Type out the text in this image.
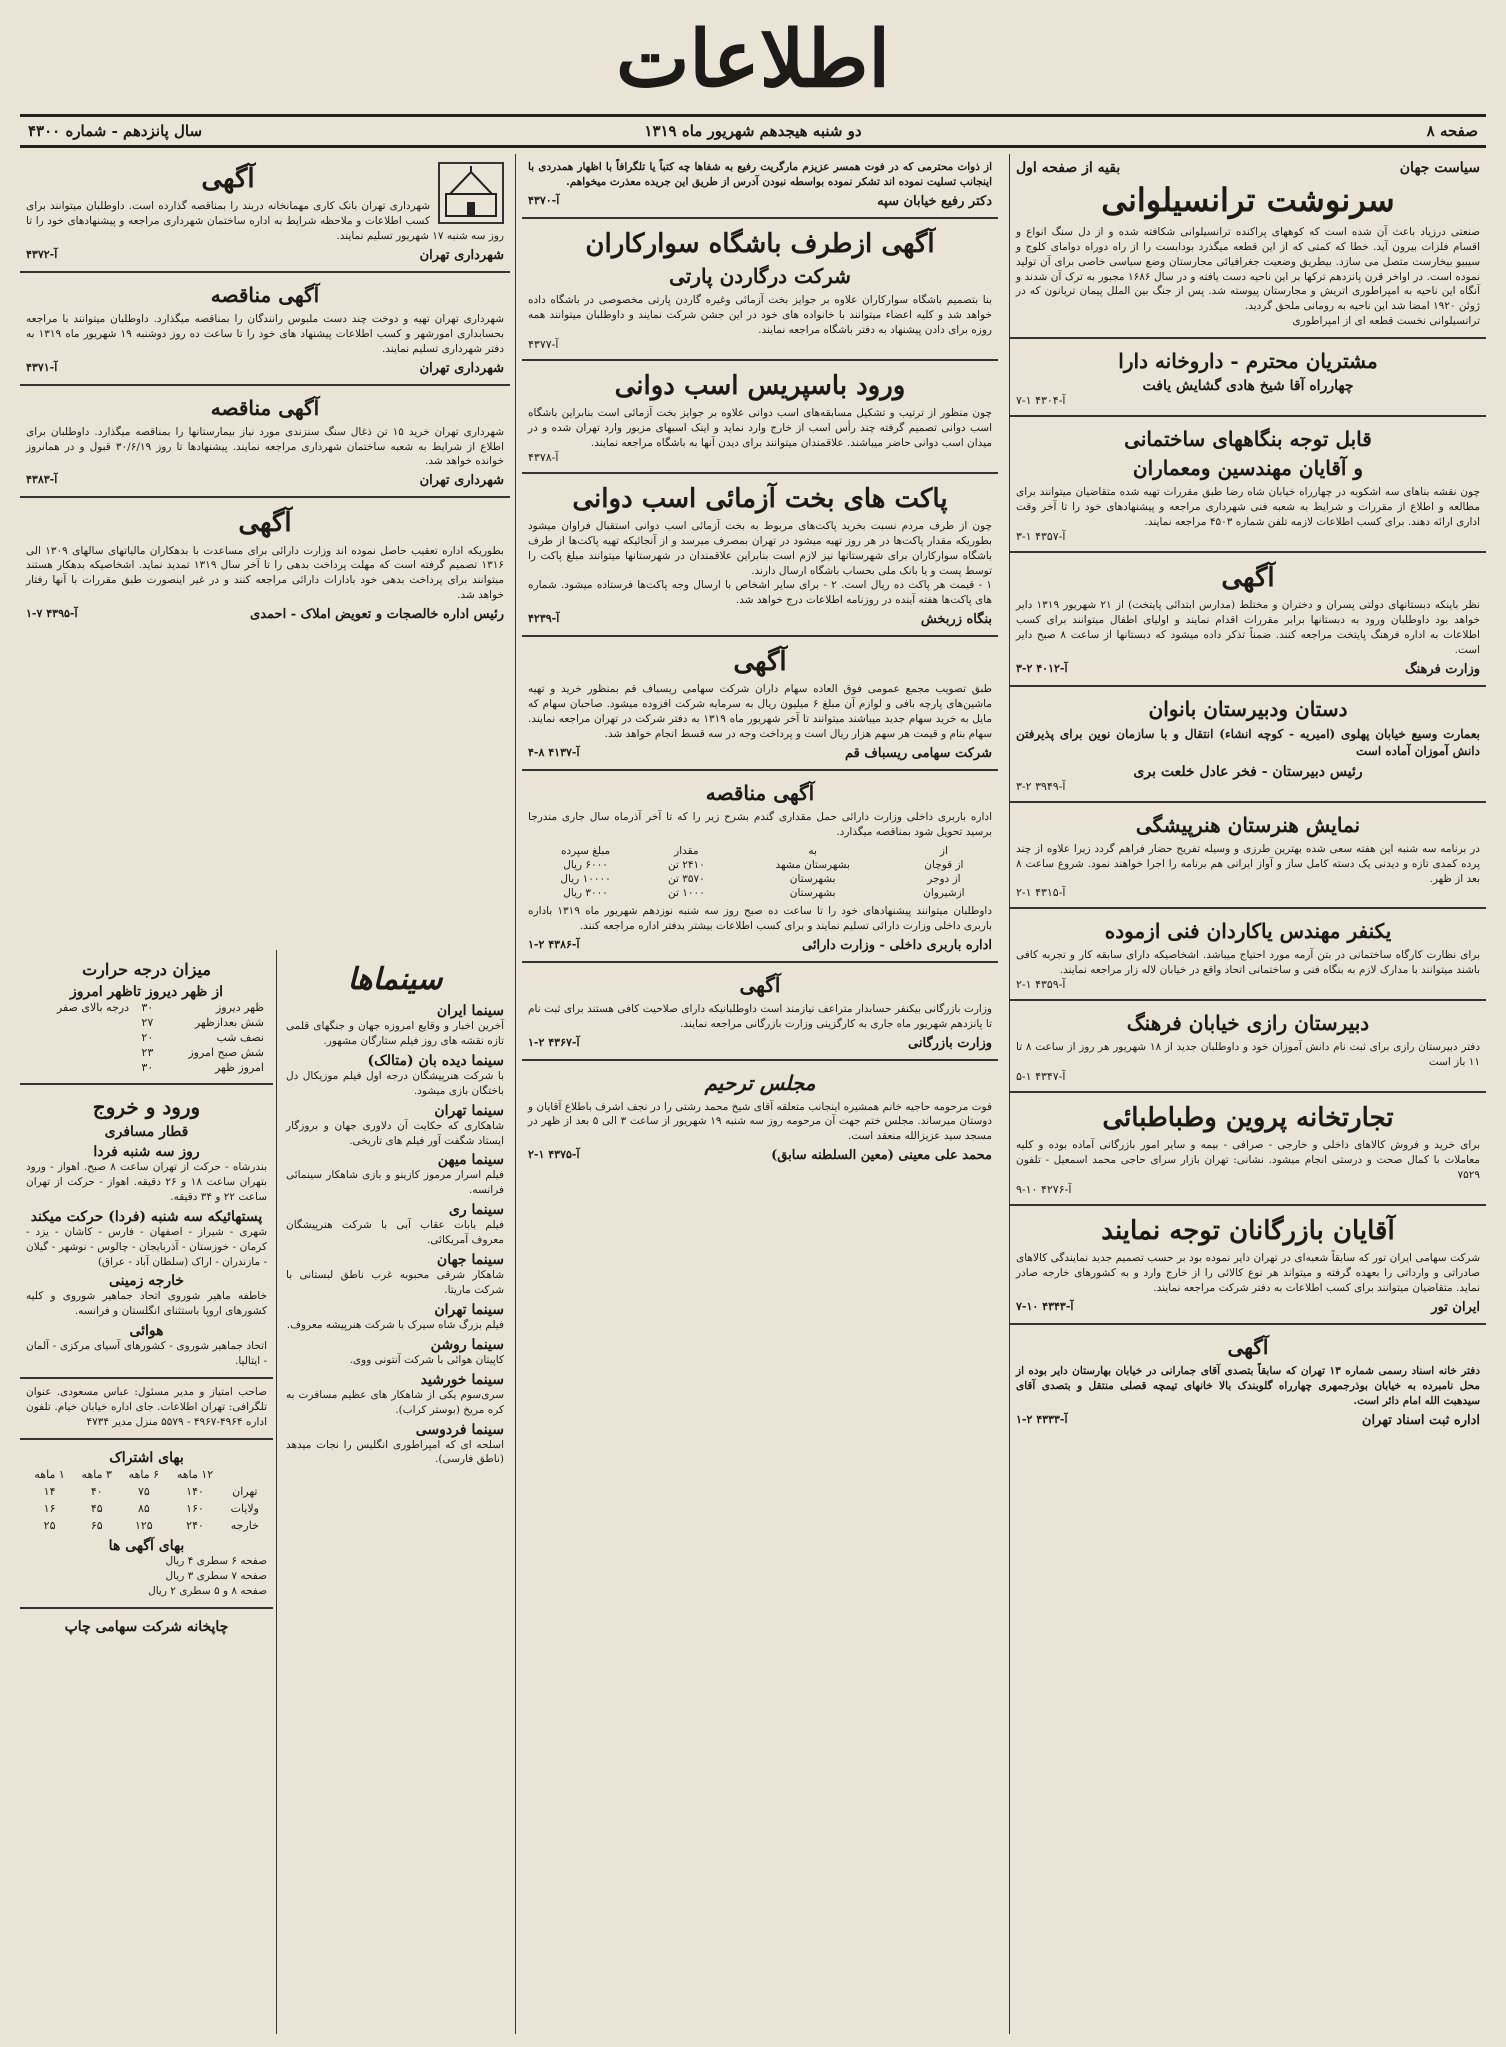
اطلاعات
صفحه ۸
دو شنبه هیجدهم شهریور ماه ۱۳۱۹
سال پانزدهم - شماره ۴۳۰۰
سیاست جهان
بقیه از صفحه اول
سرنوشت ترانسیلوانی
صنعتی درزیاد باعث آن شده است که کوههای پراکنده ترانسیلوانی شکافته شده و از دل سنگ انواع و اقسام فلزات بیرون آید. خطا که کمتی که از این قطعه میگذرد بودابست را از راه دوراه دوامای کلوج و سیبیو بیخارست متصل می سازد. بیطریق وضعیت جغرافیائی مجارستان وضع سیاسی خاصی برای آن تولید نموده است. در اواخر قرن پانزدهم ترکها بر این ناحیه دست یافته و در سال ۱۶۸۶ مجبور به ترک آن شدند و آنگاه این ناحیه به امپراطوری اتریش و مجارستان پیوسته شد. پس از جنگ بین الملل پیمان تریانون که در ژوئن ۱۹۲۰ امضا شد این ناحیه به رومانی ملحق گردید.
ترانسیلوانی نخست قطعه ای از امپراطوری
مشتریان محترم - داروخانه دارا
چهارراه آقا شیخ هادی گشایش یافت
آ-۴۳۰۴ ۱-۷
قابل توجه بنگاههای ساختمانی
و آقایان مهندسین ومعماران
چون نقشه بناهای سه اشکوبه در چهارراه خیابان شاه رضا طبق مقررات تهیه شده متقاضیان میتوانند برای مطالعه و اطلاع از مقررات و شرایط به شعبه فنی شهرداری مراجعه و پیشنهادهای خود را تا آخر وقت اداری ارائه دهند. برای کسب اطلاعات لازمه تلفن شماره ۴۵۰۳ مراجعه نمایند.
آ-۴۳۵۷ ۱-۳
آگهی
نظر باینکه دبستانهای دولتی پسران و دختران و مختلط (مدارس ابتدائی پایتخت) از ۲۱ شهریور ۱۳۱۹ دایر خواهد بود داوطلبان ورود به دبستانها برابر مقررات اقدام نمایند و اولیای اطفال میتوانند برای کسب اطلاعات به اداره فرهنگ پایتخت مراجعه کنند. ضمناً تذکر داده میشود که دبستانها از ساعت ۸ صبح دایر است.
وزارت فرهنگ
آ-۴۰۱۲ ۲-۳
دستان ودبیرستان بانوان
بعمارت وسیع خیابان پهلوی (امیریه - کوچه انشاء) انتقال و با سازمان نوین برای پذیرفتن دانش آموزان آماده است
رئیس دبیرستان - فخر عادل خلعت بری
آ-۳۹۴۹ ۲-۳
نمایش هنرستان هنرپیشگی
در برنامه سه شنبه این هفته سعی شده بهترین طرزی و وسیله تفریح حضار فراهم گردد زیرا علاوه از چند پرده کمدی تازه و دیدنی یک دسته کامل ساز و آواز ایرانی هم برنامه را اجرا خواهند نمود. شروع ساعت ۸ بعد از ظهر.
آ-۴۳۱۵ ۱-۲
یکنفر مهندس یاکاردان فنی ازموده
برای نظارت کارگاه ساختمانی در بتن آرمه مورد احتیاج میباشد. اشخاصیکه دارای سابقه کار و تجربه کافی باشند میتوانند با مدارک لازم به بنگاه فنی و ساختمانی اتحاد واقع در خیابان لاله زار مراجعه نمایند.
آ-۴۳۵۹ ۱-۲
دبیرستان رازی خیابان فرهنگ
دفتر دبیرستان رازی برای ثبت نام دانش آموزان خود و داوطلبان جدید از ۱۸ شهریور هر روز از ساعت ۸ تا ۱۱ باز است
آ-۴۳۴۷ ۱-۵
تجارتخانه پروین وطباطبائی
برای خرید و فروش کالاهای داخلی و خارجی - صرافی - بیمه و سایر امور بازرگانی آماده بوده و کلیه معاملات با کمال صحت و درستی انجام میشود. نشانی: تهران بازار سرای حاجی محمد اسمعیل - تلفون ۷۵۲۹
آ-۴۲۷۶ ۱۰-۹
آقایان بازرگانان توجه نمایند
شرکت سهامی ایران تور که سابقاً شعبه‌ای در تهران دایر نموده بود بر حسب تصمیم جدید نمایندگی کالاهای صادراتی و وارداتی را بعهده گرفته و میتواند هر نوع کالائی را از خارج وارد و به کشورهای خارجه صادر نماید. متقاضیان میتوانند برای کسب اطلاعات به دفتر شرکت مراجعه نمایند.
ایران تور
آ-۴۳۴۳ ۱۰-۷
آگهی
دفتر خانه اسناد رسمی شماره ۱۳ تهران که سابقاً بتصدی آقای جمارانی در خیابان بهارستان دایر بوده از محل نامبرده به خیابان بوذرجمهری چهارراه گلوبندک بالا خانهای تیمچه قصلی منتقل و بتصدی آقای سیدهبت الله امام دائر است.
اداره ثبت اسناد تهران
آ-۴۳۳۳ ۲-۱
از ذوات محترمی که در فوت همسر عزیزم مارگریت رفیع به شفاها چه کتباً یا تلگرافاً با اظهار همدردی با اینجانب تسلیت نموده اند تشکر نموده بواسطه نبودن آدرس از طریق این جریده معذرت میخواهم.
دکتر رفیع خیابان سپه
آ-۴۳۷۰
آگهی ازطرف باشگاه سوارکاران
شرکت درگاردن پارتی
بنا بتصمیم باشگاه سوارکاران علاوه بر جوایز بخت آزمائی وغیره گاردن پارتی مخصوصی در باشگاه داده خواهد شد و کلیه اعضاء میتوانند با خانواده های خود در این جشن شرکت نمایند و داوطلبان میتوانند همه روزه برای دادن پیشنهاد به دفتر باشگاه مراجعه نمایند.
آ-۴۳۷۷
ورود باسپریس اسب دوانی
چون منظور از ترتیب و تشکیل مسابقه‌های اسب دوانی علاوه بر جوایز بخت آزمائی است بنابراین باشگاه اسب دوانی تصمیم گرفته چند رأس اسب از خارج وارد نماید و اینک اسبهای مزبور وارد تهران شده و در میدان اسب دوانی حاضر میباشند. علاقمندان میتوانند برای دیدن آنها به باشگاه مراجعه نمایند.
آ-۴۳۷۸
پاکت های بخت آزمائی اسب دوانی
چون از طرف مردم نسبت بخرید پاکت‌های مربوط به بخت آزمائی اسب دوانی استقبال فراوان میشود بطوریکه مقدار پاکت‌ها در هر روز تهیه میشود در تهران بمصرف میرسد و از آنجائیکه تهیه پاکت‌ها از طرف باشگاه سوارکاران برای شهرستانها نیز لازم است بنابراین علاقمندان در شهرستانها میتوانند مبلغ پاکت را توسط پست و یا بانک ملی بحساب باشگاه ارسال دارند.
۱ - قیمت هر پاکت ده ریال است. ۲ - برای سایر اشخاص با ارسال وجه پاکت‌ها فرستاده میشود. شماره های پاکت‌ها هفته آینده در روزنامه اطلاعات درج خواهد شد.
بنگاه زربخش
آ-۴۲۳۹
آگهی
طبق تصویب مجمع عمومی فوق العاده سهام داران شرکت سهامی ریسباف قم بمنظور خرید و تهیه ماشین‌های پارچه بافی و لوازم آن مبلغ ۶ میلیون ریال به سرمایه شرکت افزوده میشود. صاحبان سهام که مایل به خرید سهام جدید میباشند میتوانند تا آخر شهریور ماه ۱۳۱۹ به دفتر شرکت در تهران مراجعه نمایند. سهام بنام و قیمت هر سهم هزار ریال است و پرداخت وجه در سه قسط انجام خواهد شد.
شرکت سهامی ریسباف قم
آ-۴۱۳۷ ۸-۴
آگهی مناقصه
اداره باربری داخلی وزارت دارائی حمل مقداری گندم بشرح زیر را که تا آخر آذرماه سال جاری مندرجا برسید تحویل شود بمناقصه میگذارد.
از	به	مقدار	مبلغ سپرده
از قوچان	بشهرستان مشهد	۲۴۱۰ تن	۶۰۰۰ ریال
از دوجر	بشهرستان	۳۵۷۰ تن	۱۰۰۰۰ ریال
ازشیروان	بشهرستان	۱۰۰۰ تن	۳۰۰۰ ریال
داوطلبان میتوانند پیشنهادهای خود را تا ساعت ده صبح روز سه شنبه نوزدهم شهریور ماه ۱۳۱۹ باداره باربری داخلی وزارت دارائی تسلیم نمایند و برای کسب اطلاعات بیشتر بدفتر اداره مراجعه کنند.
اداره باربری داخلی - وزارت دارائی
آ-۴۳۸۶ ۲-۱
آگهی
وزارت بازرگانی بیکنفر حسابدار متراعف نیازمند است داوطلبانیکه دارای صلاحیت کافی هستند برای ثبت نام تا پانزدهم شهریور ماه جاری به کارگزینی وزارت بازرگانی مراجعه نمایند.
وزارت بازرگانی
آ-۴۳۶۷ ۲-۱
مجلس ترحیم
فوت مرحومه حاجیه خانم همشیره اینجانب متعلقه آقای شیخ محمد رشتی را در نجف اشرف باطلاع آقایان و دوستان میرساند. مجلس ختم جهت آن مرحومه روز سه شنبه ۱۹ شهریور از ساعت ۳ الی ۵ بعد از ظهر در مسجد سید عزیزالله منعقد است.
محمد علی معینی (معین السلطنه سابق)
آ-۴۳۷۵ ۱-۲
آگهی
شهرداری تهران بانک کاری مهمانخانه دربند را بمناقصه گذارده است. داوطلبان میتوانند برای کسب اطلاعات و ملاحظه شرایط به اداره ساختمان شهرداری مراجعه و پیشنهادهای خود را تا روز سه شنبه ۱۷ شهریور تسلیم نمایند.
شهرداری تهران
آ-۴۳۷۲
آگهی مناقصه
شهرداری تهران تهیه و دوخت چند دست ملبوس رانندگان را بمناقصه میگذارد. داوطلبان میتوانند با مراجعه بحسابداری امورشهر و کسب اطلاعات پیشنهاد های خود را تا ساعت ده روز دوشنبه ۱۹ شهریور ماه ۱۳۱۹ به دفتر شهرداری تسلیم نمایند.
شهرداری تهران
آ-۴۳۷۱
آگهی مناقصه
شهرداری تهران خرید ۱۵ تن ذغال سنگ سنزندی مورد نیاز بیمارستانها را بمناقصه میگذارد. داوطلبان برای اطلاع از شرایط به شعبه ساختمان شهرداری مراجعه نمایند. پیشنهادها تا روز ۳۰/۶/۱۹ قبول و در همانروز خوانده خواهد شد.
شهرداری تهران
آ-۴۳۸۳
آگهی
بطوریکه اداره تعقیب حاصل نموده اند وزارت دارائی برای مساعدت با بدهکاران مالیاتهای سالهای ۱۳۰۹ الی ۱۳۱۶ تصمیم گرفته است که مهلت پرداخت بدهی را تا آخر سال ۱۳۱۹ تمدید نماید. اشخاصیکه بدهکار هستند میتوانند برای پرداخت بدهی خود بادارات دارائی مراجعه کنند و در غیر اینصورت طبق مقررات با آنها رفتار خواهد شد.
رئیس اداره خالصجات و تعویض املاک - احمدی
آ-۴۳۹۵ ۷-۱
میزان درجه حرارت
از ظهر دیروز تاظهر امروز
ظهر دیروز	۳۰	درجه بالای صفر
شش بعدازظهر	۲۷	
نصف شب	۲۰	
شش صبح امروز	۲۳	
امروز ظهر	۳۰	
ورود و خروج
قطار مسافری
روز سه شنبه فردا
بندرشاه - حرکت از تهران ساعت ۸ صبح. اهواز - ورود بتهران ساعت ۱۸ و ۲۶ دقیقه. اهواز - حرکت از تهران ساعت ۲۲ و ۳۴ دقیقه.
پستهائیکه سه شنبه (فردا) حرکت میکند
شهری - شیراز - اصفهان - فارس - کاشان - یزد - کرمان - خوزستان - آذربایجان - چالوس - نوشهر - گیلان - مازندران - اراک (سلطان آباد - عراق)
خارجه زمینی
خاطفه ماهیر شوروی اتحاد جماهیر شوروی و کلیه کشورهای اروپا باستثنای انگلستان و فرانسه.
هوائی
اتحاد جماهیر شوروی - کشورهای آسیای مرکزی - آلمان - ایتالیا.
صاحب امتیاز و مدیر مسئول: عباس مسعودی. عنوان تلگرافی: تهران اطلاعات. جای اداره خیابان خیام. تلفون اداره ۴۹۶۴-۴۹۶۷ - ۵۵۷۹ منزل مدیر ۴۷۳۴
بهای اشتراک
	۱۲ ماهه	۶ ماهه	۳ ماهه	۱ ماهه
تهران	۱۴۰	۷۵	۴۰	۱۴
ولایات	۱۶۰	۸۵	۴۵	۱۶
خارجه	۲۴۰	۱۲۵	۶۵	۲۵
بهای آگهی ها
صفحه ۶ سطری ۴ ریال
صفحه ۷ سطری ۳ ریال
صفحه ۸ و ۵ سطری ۲ ریال
چاپخانه شرکت سهامی چاپ
سینماها
سینما ایران
آخرین اخبار و وقایع امروزه جهان و جنگهای قلمی تازه نقشه های روز فیلم ستارگان مشهور.
سینما دیده بان (متالک)
با شرکت هنرپیشگان درجه اول فیلم موزیکال دل باختگان بازی میشود.
سینما تهران
شاهکاری که حکایت آن دلاوری جهان و بروزگار ایستاد شگفت آور فیلم های تاریخی.
سینما میهن
فیلم اسرار مرموز کازینو و بازی شاهکار سینمائی فرانسه.
سینما ری
فیلم بابات عقاب آبی با شرکت هنرپیشگان معروف آمریکائی.
سینما جهان
شاهکار شرقی محبوبه غرب ناطق لبستانی با شرکت ماریتا.
سینما تهران
فیلم بزرگ شاه سیرک با شرکت هنرپیشه معروف.
سینما روشن
کاپیتان هوائی با شرکت آنتونی ووی.
سینما خورشید
سری‌سوم یکی از شاهکار های عظیم مسافرت به کره مریخ (بوستر کراب).
سینما فردوسی
اسلحه ای که امپراطوری انگلیس را نجات میدهد (ناطق فارسی).
